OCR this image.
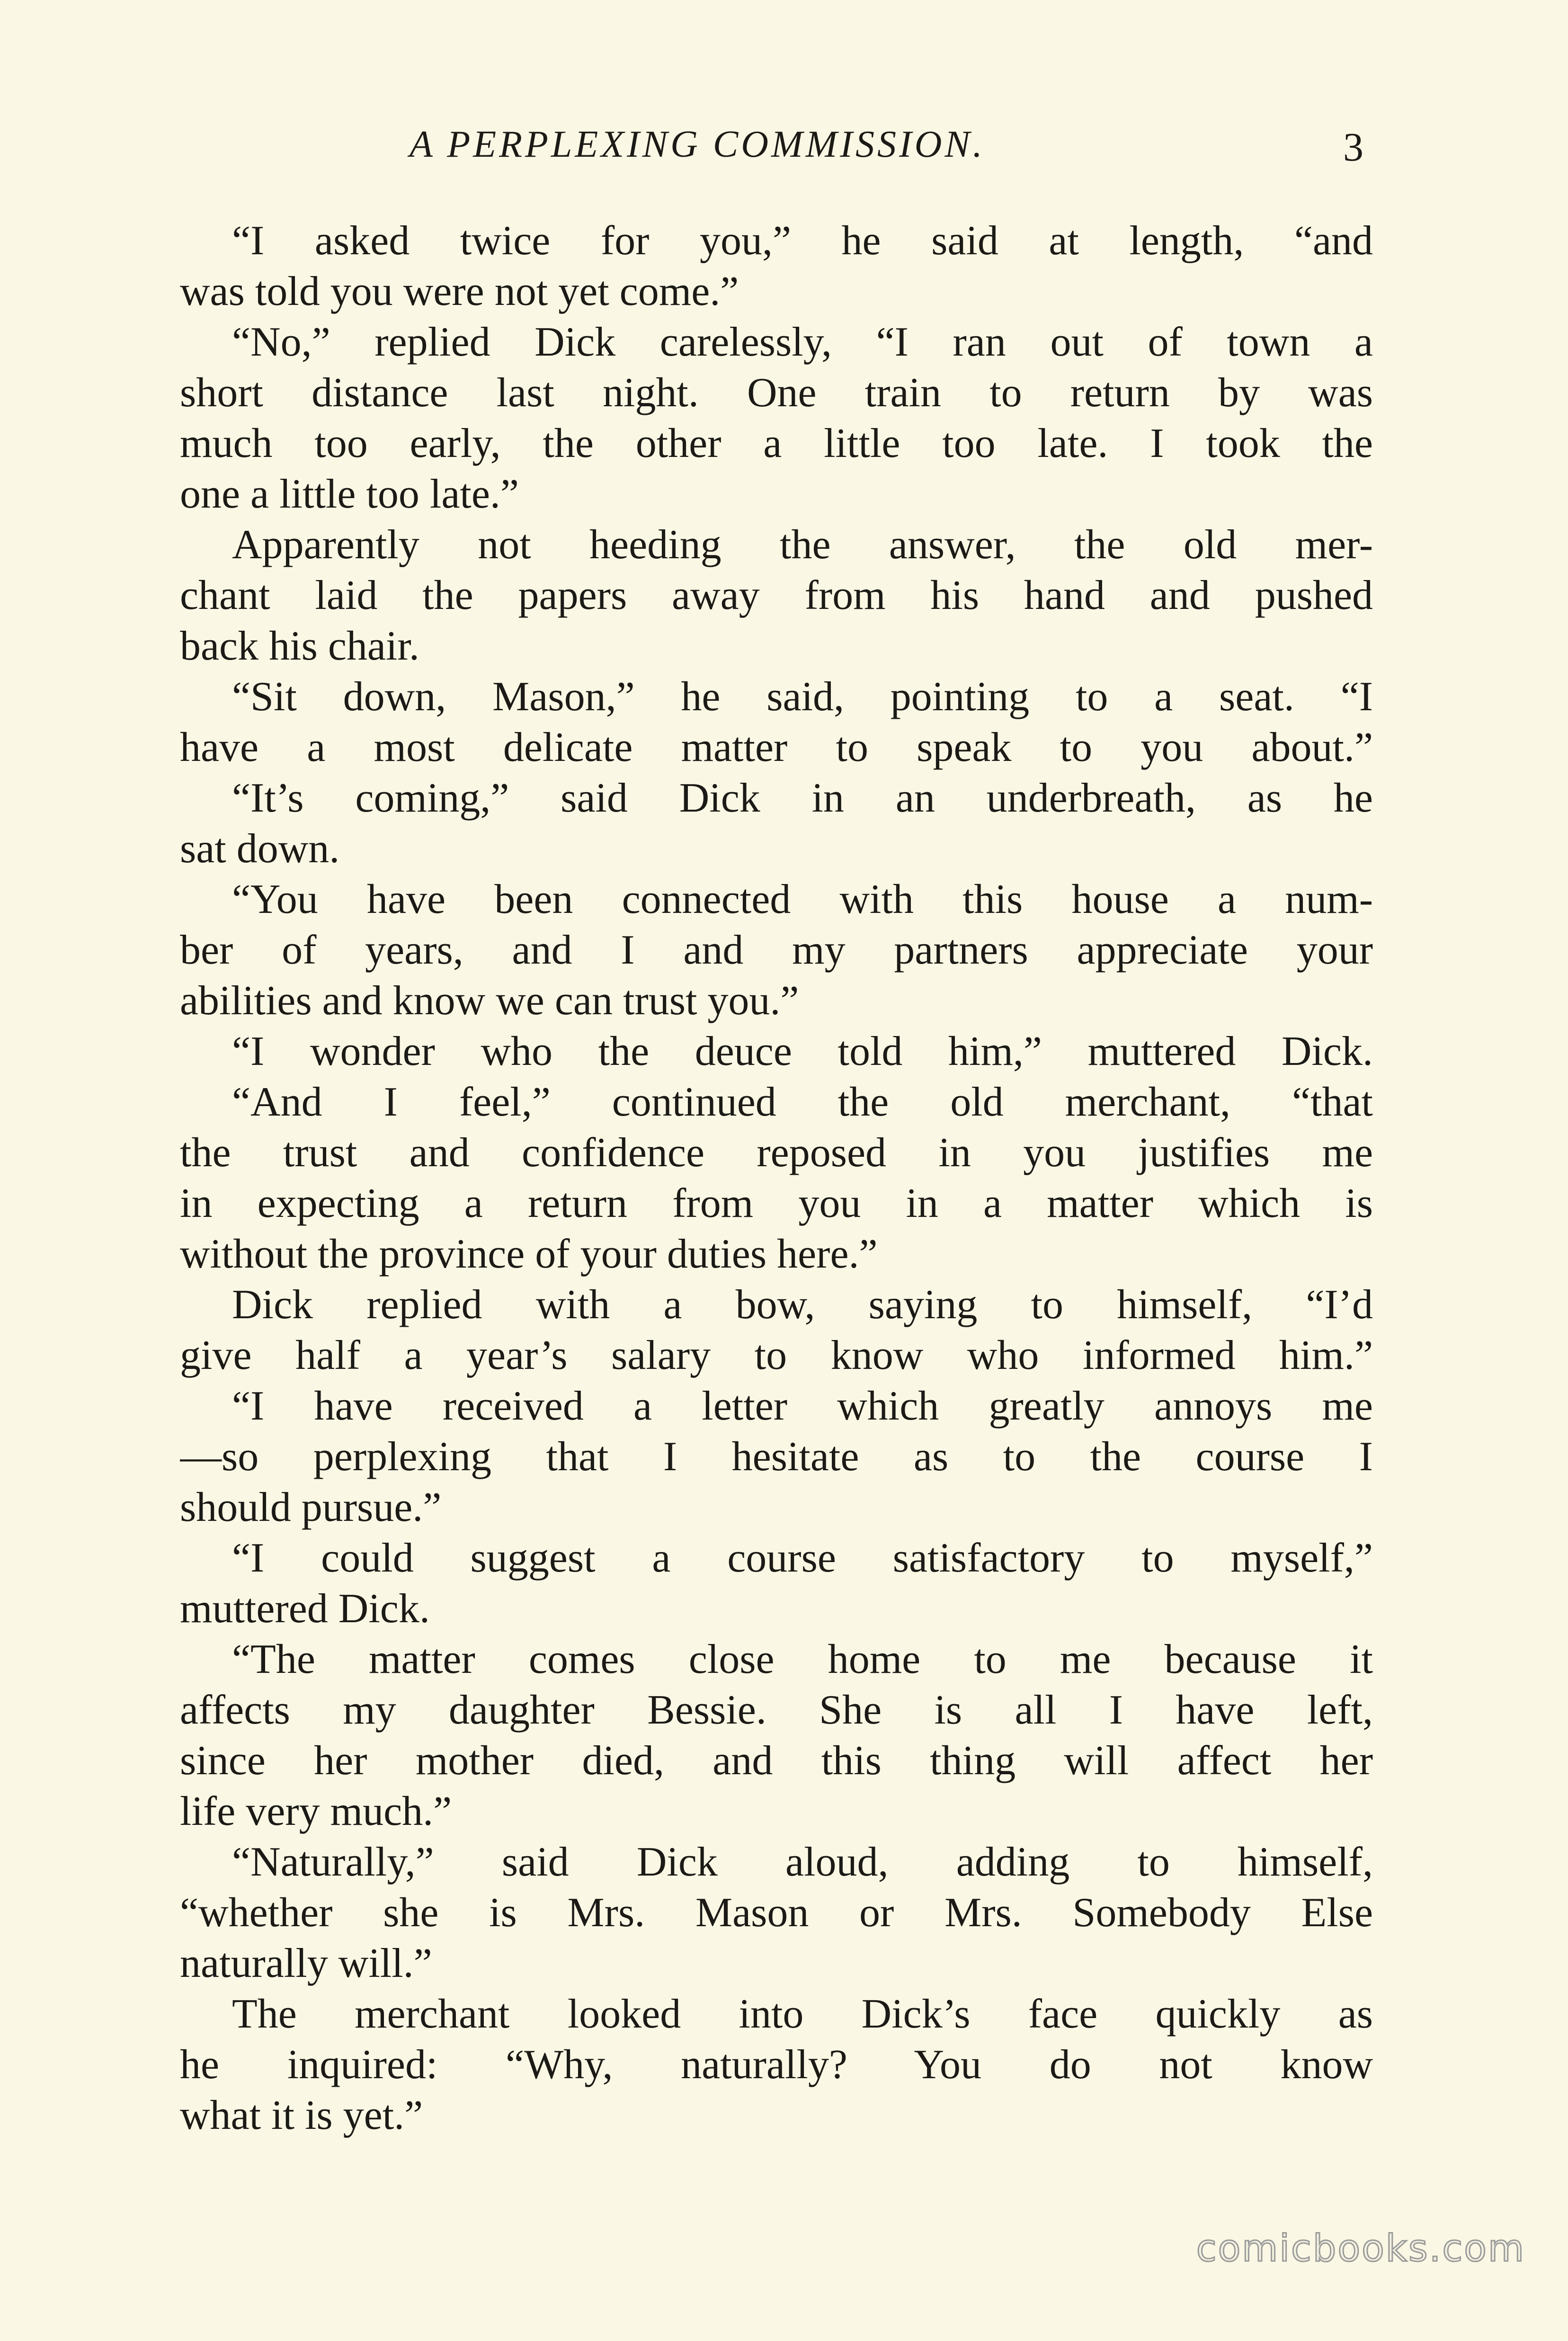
A PERPLEXING COMMISSION.	3
“I asked twice for you,” he said at length, “and
was told you were not yet come.”
“No,” replied Dick carelessly, “I ran out of town a
short distance last night. One train to return by was
much too early, the other a little too late. I took the
one a little too late.”
Apparently not heeding the answer, the old mer-
chant laid the papers away from his hand and pushed
back his chair.
“Sit down, Mason,” he said, pointing to a seat. “I
have a most delicate matter to speak to you about.”
“It’s coming,” said Dick in an underbreath, as he
sat down.
“You have been connected with this house a num-
ber of years, and I and my partners appreciate your
abilities and know we can trust you.”
“I wonder who the deuce told him,” muttered Dick.
“And I feel,” continued the old merchant, “that
the trust and confidence reposed in you justifies me
in expecting a return from you in a matter which is
without the province of your duties here.”
Dick replied with a bow, saying to himself, “I’d
give half a year’s salary to know who informed him.”
“I have received a letter which greatly annoys me
—so perplexing that I hesitate as to the course I
should pursue.”
“I could suggest a course satisfactory to myself,”
muttered Dick.
“The matter comes close home to me because it
affects my daughter Bessie. She is all I have left,
since her mother died, and this thing will affect her
life very much.”
“Naturally,” said Dick aloud, adding to himself,
“whether she is Mrs. Mason or Mrs. Somebody Else
naturally will.”
The merchant looked into Dick’s face quickly as
he inquired: “Why, naturally? You do not know
what it is yet.”
comicbooks.com
